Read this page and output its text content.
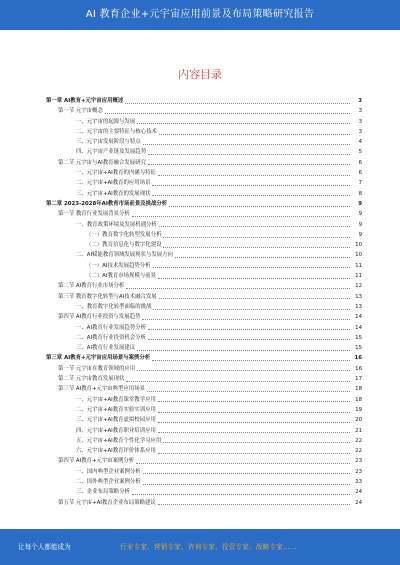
AI 教育企业+元宇宙应用前景及布局策略研究报告
内容目录
第一章 AI教育+元宇宙应用概述	3
第一节 元宇宙概念	3
一、元宇宙的起源与发展	3
二、元宇宙的主要特征与核心技术	3
三、元宇宙发展阶段与特点	4
四、元宇宙产业链及发展趋势	5
第二节 元宇宙与AI教育融合发展研究	6
一、元宇宙+AI教育的内涵与特征	6
二、元宇宙+AI教育的应用场景	7
三、元宇宙+AI教育的发展现状	8
第二章 2023-2028年AI教育市场前景及挑战分析	9
第一节 教育行业发展背景分析	9
一、教育政策环境及发展机遇分析	9
（一）教育数字化转型发展分析	9
（二）教育信息化与数字化建设	10
二、AI赋能教育领域发展现状与发展方向	10
（一）AI技术发展趋势分析	11
（二）AI教育市场规模与前景	11
第二节 AI教育行业市场分析	12
第三节 教育数字化转型与AI技术融合发展	13
一、教育数字化转型面临的挑战	13
第四节 AI教育行业投资与发展趋势	14
一、AI教育行业发展趋势分析	14
二、AI教育行业投资机会分析	15
三、AI教育行业发展建议	15
第三章 AI教育+元宇宙应用场景与案例分析	16
第一节 元宇宙在教育领域的应用	16
第二节 元宇宙教育发展现状	17
第三节 AI教育+元宇宙典型应用场景	18
一、元宇宙+AI教育课堂教学应用	18
二、元宇宙+AI教育实验实训应用	19
三、元宇宙+AI教育虚拟校园应用	20
四、元宇宙+AI教育职业培训应用	21
五、元宇宙+AI教育个性化学习应用	22
六、元宇宙+AI教育评价体系应用	22
第四节 AI教育+元宇宙案例分析	23
一、国内典型企业案例分析	23
二、国外典型企业案例分析	23
三、企业布局策略分析	24
第五节 元宇宙+AI教育企业布局策略建议	24
让每个人都能成为	行业专家、营销专家、咨询专家、投资专家、战略专家……
